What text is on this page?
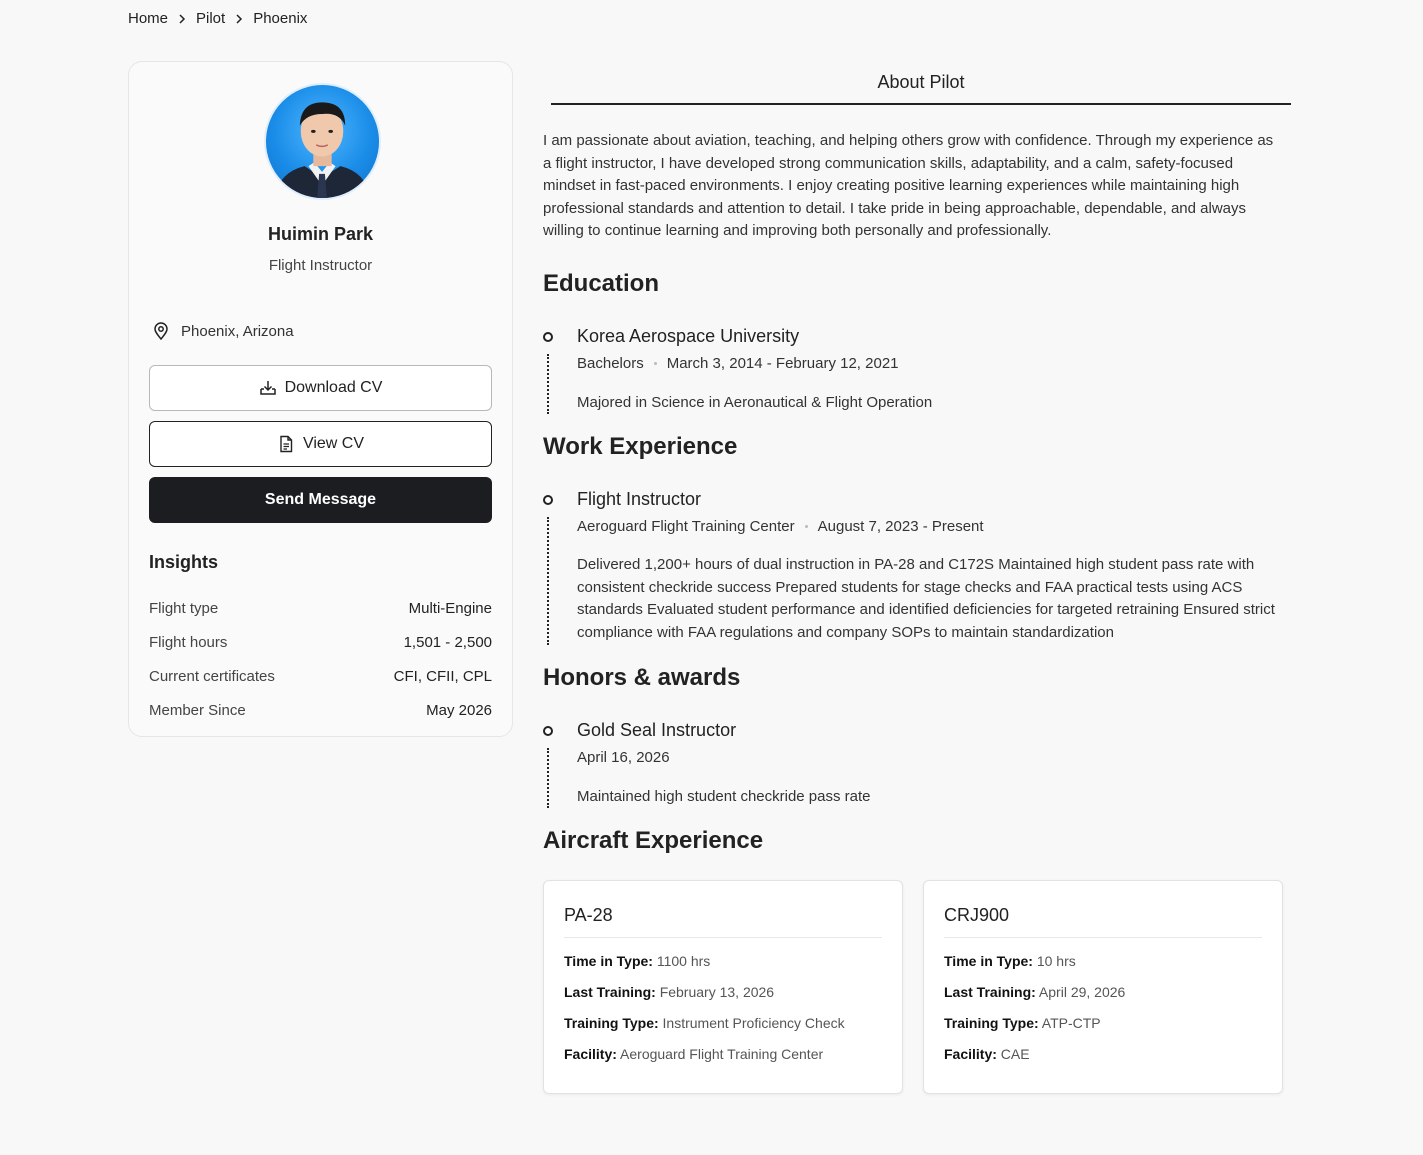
Home Pilot Phoenix
Huimin Park
Flight Instructor
Phoenix, Arizona
Download CV
View CV
Send Message
Insights
Flight type	Multi-Engine
Flight hours	1,501 - 2,500
Current certificates	CFI, CFII, CPL
Member Since	May 2026
About Pilot

I am passionate about aviation, teaching, and helping others grow with confidence. Through my experience as a flight instructor, I have developed strong communication skills, adaptability, and a calm, safety-focused mindset in fast-paced environments. I enjoy creating positive learning experiences while maintaining high professional standards and attention to detail. I take pride in being approachable, dependable, and always willing to continue learning and improving both personally and professionally.

Education
Korea Aerospace University
Bachelors March 3, 2014 - February 12, 2021
Majored in Science in Aeronautical & Flight Operation
Work Experience
Flight Instructor
Aeroguard Flight Training Center August 7, 2023 - Present
Delivered 1,200+ hours of dual instruction in PA-28 and C172S Maintained high student pass rate with consistent checkride success Prepared students for stage checks and FAA practical tests using ACS standards Evaluated student performance and identified deficiencies for targeted retraining Ensured strict compliance with FAA regulations and company SOPs to maintain standardization
Honors & awards
Gold Seal Instructor
April 16, 2026
Maintained high student checkride pass rate
Aircraft Experience
PA-28
Time in Type: 1100 hrs
Last Training: February 13, 2026
Training Type: Instrument Proficiency Check
Facility: Aeroguard Flight Training Center
CRJ900
Time in Type: 10 hrs
Last Training: April 29, 2026
Training Type: ATP-CTP
Facility: CAE
